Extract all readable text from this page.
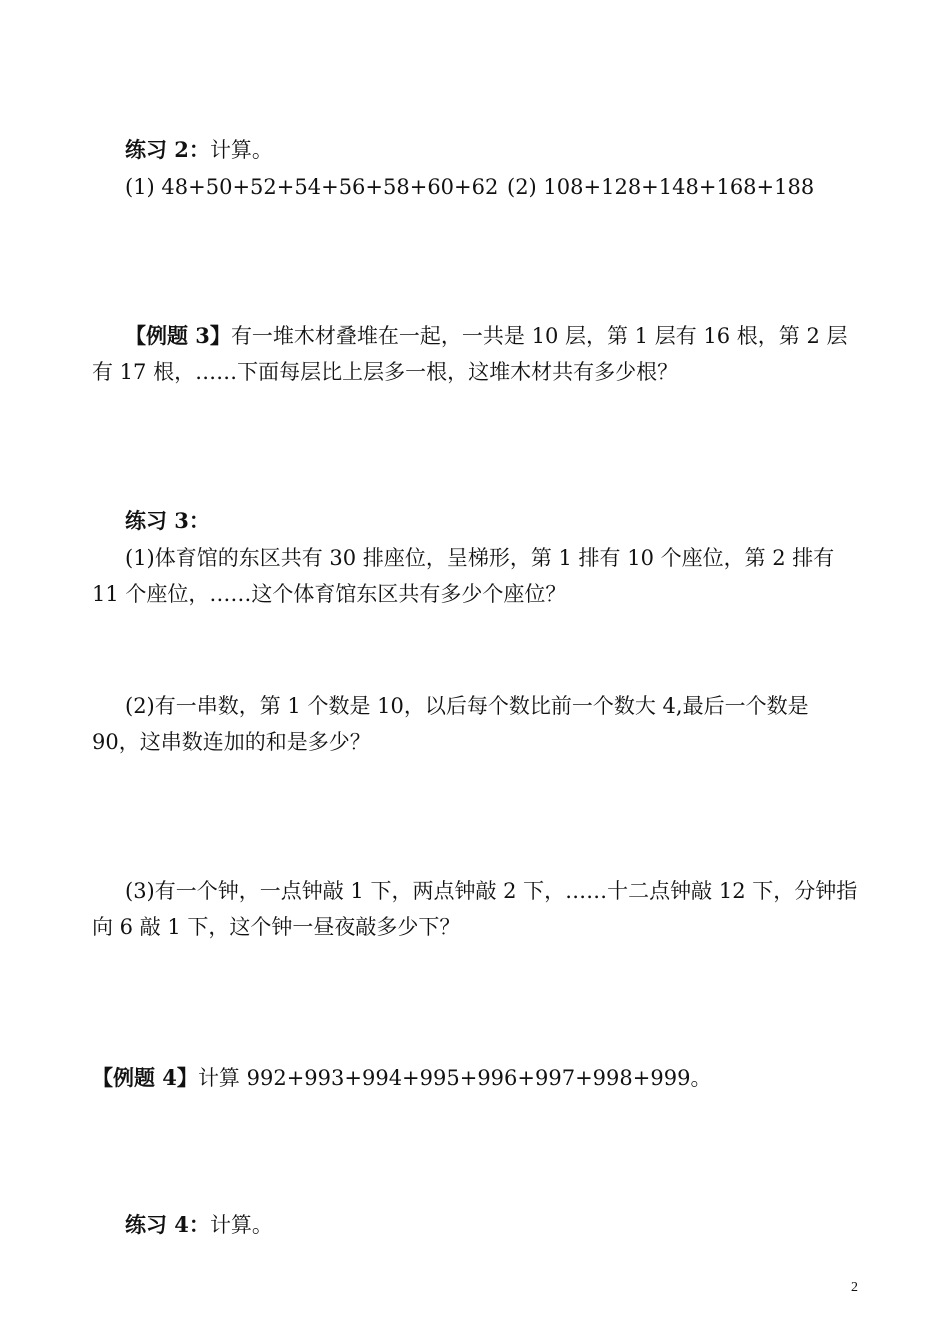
练习 2：计算。
(1) 48+50+52+54+56+58+60+62 (2) 108+128+148+168+188
【例题 3】有一堆木材叠堆在一起，一共是 10 层，第 1 层有 16 根，第 2 层有 17 根，……下面每层比上层多一根，这堆木材共有多少根？
练习 3：
(1)体育馆的东区共有 30 排座位，呈梯形，第 1 排有 10 个座位，第 2 排有 11 个座位，……这个体育馆东区共有多少个座位？
(2)有一串数，第 1 个数是 10，以后每个数比前一个数大 4,最后一个数是 90，这串数连加的和是多少？
(3)有一个钟，一点钟敲 1 下，两点钟敲 2 下，……十二点钟敲 12 下，分钟指向 6 敲 1 下，这个钟一昼夜敲多少下？
【例题 4】计算 992+993+994+995+996+997+998+999。
练习 4：计算。
2
